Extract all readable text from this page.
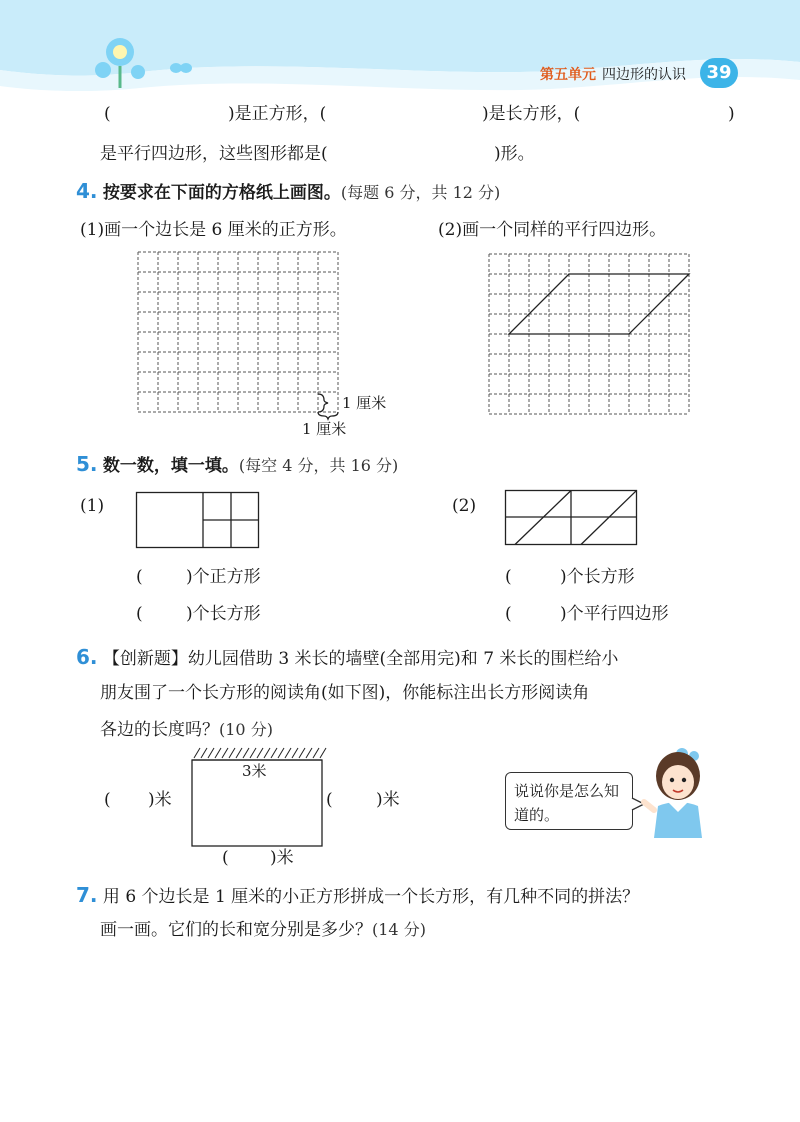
第五单元 四边形的认识	39
(	)是正方形，(	)是长方形，(	)
是平行四边形，这些图形都是(	)形。
4. 按要求在下面的方格纸上画图。(每题 6 分，共 12 分)
(1)画一个边长是 6 厘米的正方形。	(2)画一个同样的平行四边形。
1 厘米
1 厘米
5. 数一数，填一填。(每空 4 分，共 16 分)
(1)	(2)
(	)个正方形
(	)个长方形
(	)个长方形
(	)个平行四边形
6. 【创新题】幼儿园借助 3 米长的墙壁(全部用完)和 7 米长的围栏给小
朋友围了一个长方形的阅读角(如下图)，你能标注出长方形阅读角
各边的长度吗？(10 分)
3米
( )米	(	)米
( )米
说说你是怎么知道的。
7. 用 6 个边长是 1 厘米的小正方形拼成一个长方形，有几种不同的拼法？
画一画。它们的长和宽分别是多少？(14 分)
